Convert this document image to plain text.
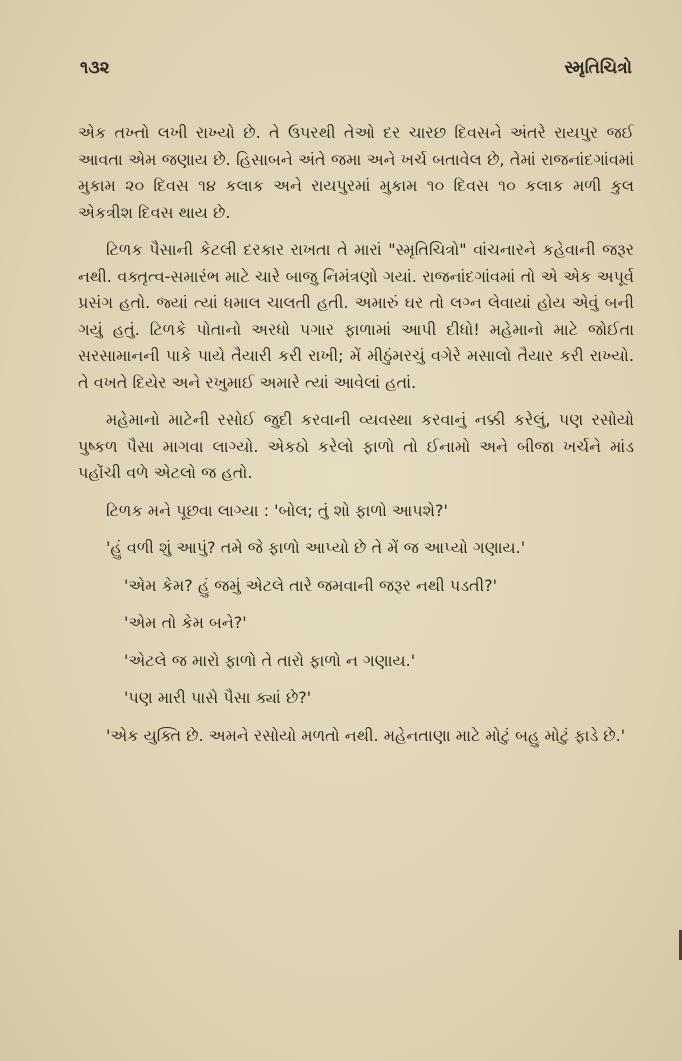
૧૩૨	સ્મૃતિચિત્રો

એક તખ્તો લખી રાખ્યો છે. તે ઉપરથી તેઓ દર ચારછ દિવસને અંતરે રાયપુર જઈ આવતા એમ જણાય છે. હિસાબને અંતે જમા અને ખર્ચ બતાવેલ છે, તેમાં રાજનાંદગાંવમાં મુકામ ૨૦ દિવસ ૧૪ કલાક અને રાયપુરમાં મુકામ ૧૦ દિવસ ૧૦ કલાક મળી કુલ એકત્રીશ દિવસ થાય છે.

ટિળક પૈસાની કેટલી દરકાર રાખતા તે મારાં "સ્મૃતિચિત્રો" વાંચનારને કહેવાની જરૂર નથી. વક્તૃત્વ-સમારંભ માટે ચારે બાજુ નિમંત્રણો ગયાં. રાજનાંદગાંવમાં તો એ એક અપૂર્વ પ્રસંગ હતો. જ્યાં ત્યાં ધમાલ ચાલતી હતી. અમારું ઘર તો લગ્ન લેવાયાં હોય એવું બની ગયું હતું. ટિળકે પોતાનો અરધો પગાર ફાળામાં આપી દીધો! મહેમાનો માટે જોઈતા સરસામાનની પાકે પાયે તૈયારી કરી રાખી; મેં મીઠુંમરચું વગેરે મસાલો તૈયાર કરી રાખ્યો. તે વખતે દિયેર અને રખુમાઈ અમારે ત્યાં આવેલાં હતાં.

મહેમાનો માટેની રસોઈ જુદી કરવાની વ્યવસ્થા કરવાનું નક્કી કરેલું, પણ રસોયો પુષ્કળ પૈસા માગવા લાગ્યો. એકઠો કરેલો ફાળો તો ઈનામો અને બીજા ખર્ચને માંડ પહોંચી વળે એટલો જ હતો.

ટિળક મને પૂછવા લાગ્યા : 'બોલ; તું શો ફાળો આપશે?'

'હું વળી શું આપું? તમે જે ફાળો આપ્યો છે તે મેં જ આપ્યો ગણાય.'

'એમ કેમ? હું જમું એટલે તારે જમવાની જરૂર નથી પડતી?'

'એમ તો કેમ બને?'

'એટલે જ મારો ફાળો તે તારો ફાળો ન ગણાય.'

'પણ મારી પાસે પૈસા ક્યાં છે?'

'એક યુક્તિ છે. અમને રસોયો મળતો નથી. મહેનતાણા માટે મોટું બહુ મોટું ફાડે છે.'
